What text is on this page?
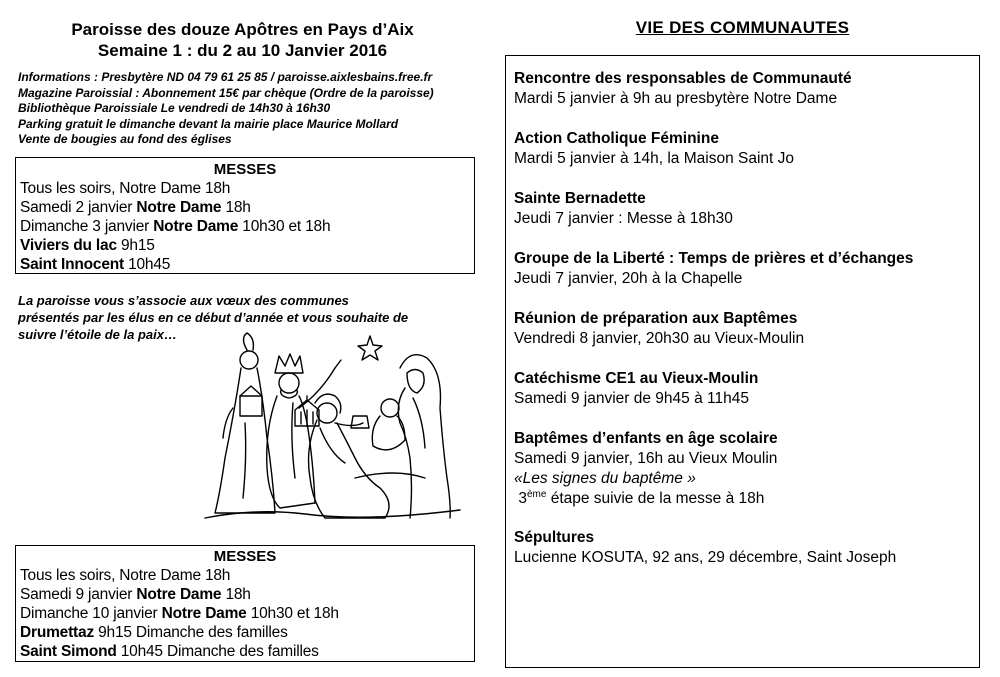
Paroisse des douze Apôtres en Pays d’Aix
Semaine 1 : du 2 au 10 Janvier 2016
Informations : Presbytère ND 04 79 61 25 85 / paroisse.aixlesbains.free.fr
Magazine Paroissial : Abonnement 15€ par chèque (Ordre de la paroisse)
Bibliothèque Paroissiale Le vendredi de 14h30 à 16h30
Parking gratuit le dimanche devant la mairie place Maurice Mollard
Vente de bougies au fond des églises
MESSES
Tous les soirs, Notre Dame 18h
Samedi 2 janvier Notre Dame 18h
Dimanche 3 janvier Notre Dame 10h30 et 18h
Viviers du lac 9h15
Saint Innocent 10h45
La paroisse vous s’associe aux vœux des communes
présentés par les élus en ce début d’année et vous souhaite de
suivre l’étoile de la paix…
MESSES
Tous les soirs, Notre Dame 18h
Samedi 9 janvier Notre Dame 18h
Dimanche 10 janvier Notre Dame 10h30 et 18h
Drumettaz 9h15 Dimanche des familles
Saint Simond 10h45 Dimanche des familles
VIE DES COMMUNAUTES
Rencontre des responsables de Communauté
Mardi 5 janvier à 9h au presbytère Notre Dame
Action Catholique Féminine
Mardi 5 janvier à 14h, la Maison Saint Jo
Sainte Bernadette
Jeudi 7 janvier : Messe à 18h30
Groupe de la Liberté : Temps de prières et d’échanges
Jeudi 7 janvier, 20h à la Chapelle
Réunion de préparation aux Baptêmes
Vendredi 8 janvier, 20h30 au Vieux-Moulin
Catéchisme CE1 au Vieux-Moulin
Samedi 9 janvier de 9h45 à 11h45
Baptêmes d’enfants en âge scolaire
Samedi 9 janvier, 16h au Vieux Moulin
«Les signes du baptême »
3ème étape suivie de la messe à 18h
Sépultures
Lucienne KOSUTA, 92 ans, 29 décembre, Saint Joseph
